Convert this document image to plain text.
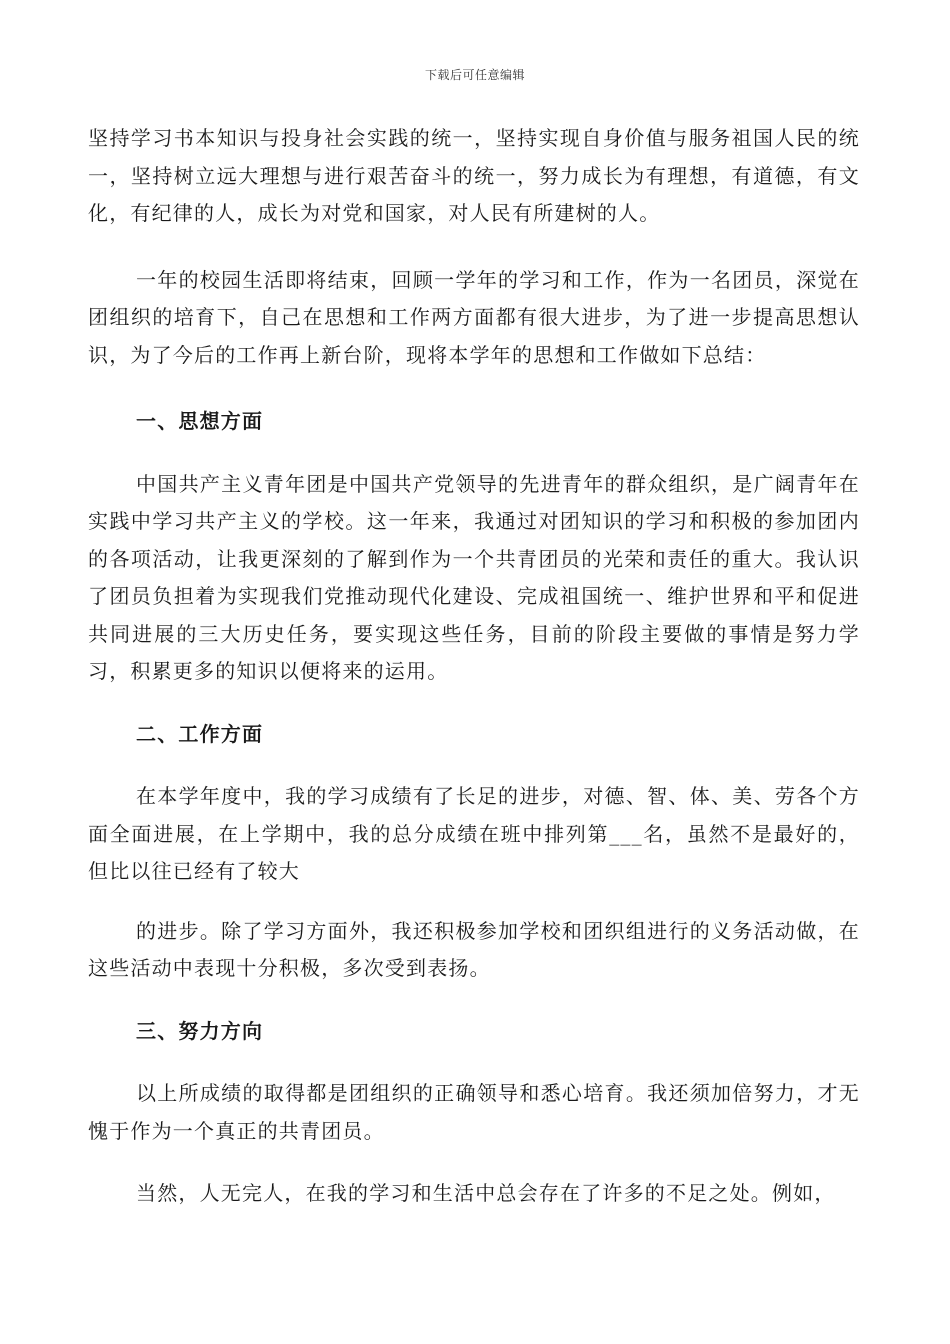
下载后可任意编辑

坚持学习书本知识与投身社会实践的统一，坚持实现自身价值与服务祖国人民的统一，坚持树立远大理想与进行艰苦奋斗的统一，努力成长为有理想，有道德，有文化，有纪律的人，成长为对党和国家，对人民有所建树的人。

一年的校园生活即将结束，回顾一学年的学习和工作，作为一名团员，深觉在团组织的培育下，自己在思想和工作两方面都有很大进步，为了进一步提高思想认识，为了今后的工作再上新台阶，现将本学年的思想和工作做如下总结：

一、思想方面

中国共产主义青年团是中国共产党领导的先进青年的群众组织，是广阔青年在实践中学习共产主义的学校。这一年来，我通过对团知识的学习和积极的参加团内的各项活动，让我更深刻的了解到作为一个共青团员的光荣和责任的重大。我认识了团员负担着为实现我们党推动现代化建设、完成祖国统一、维护世界和平和促进共同进展的三大历史任务，要实现这些任务，目前的阶段主要做的事情是努力学习，积累更多的知识以便将来的运用。

二、工作方面

在本学年度中，我的学习成绩有了长足的进步，对德、智、体、美、劳各个方面全面进展，在上学期中，我的总分成绩在班中排列第___名，虽然不是最好的，但比以往已经有了较大

的进步。除了学习方面外，我还积极参加学校和团织组进行的义务活动做，在这些活动中表现十分积极，多次受到表扬。

三、努力方向

以上所成绩的取得都是团组织的正确领导和悉心培育。我还须加倍努力，才无愧于作为一个真正的共青团员。

当然，人无完人，在我的学习和生活中总会存在了许多的不足之处。例如，
